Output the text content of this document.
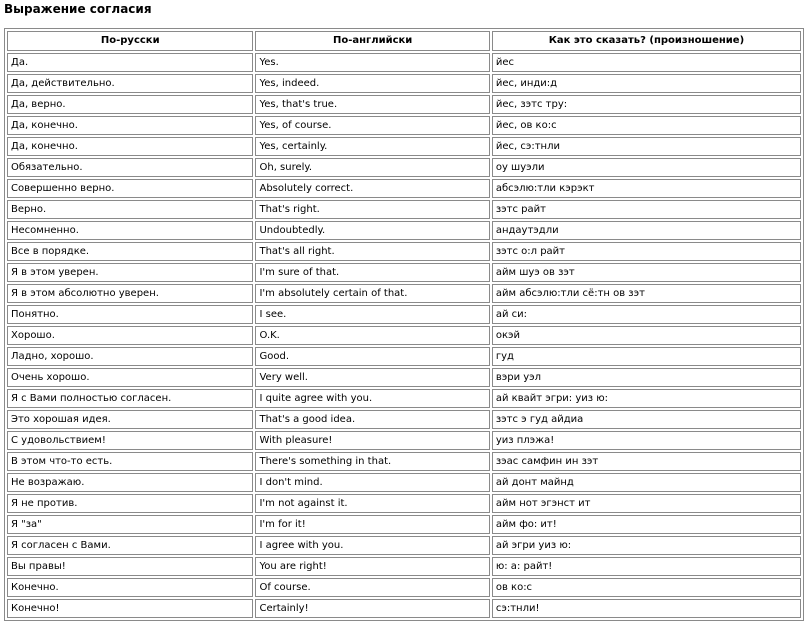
Выражение согласия
По-русски	По-английски	Как это сказать? (произношение)
Да.	Yes.	йес
Да, действительно.	Yes, indeed.	йес, инди:д
Да, верно.	Yes, that's true.	йес, зэтс тру:
Да, конечно.	Yes, of course.	йес, ов ко:с
Да, конечно.	Yes, certainly.	йес, сэ:тнли
Обязательно.	Oh, surely.	оу шуэли
Совершенно верно.	Absolutely correct.	абсэлю:тли кэрэкт
Верно.	That's right.	зэтс райт
Несомненно.	Undoubtedly.	андаутэдли
Все в порядке.	That's all right.	зэтс о:л райт
Я в этом уверен.	I'm sure of that.	айм шуэ ов зэт
Я в этом абсолютно уверен.	I'm absolutely certain of that.	айм абсэлю:тли сё:тн ов зэт
Понятно.	I see.	ай си:
Хорошо.	O.K.	окэй
Ладно, хорошо.	Good.	гуд
Очень хорошо.	Very well.	вэри уэл
Я с Вами полностью согласен.	I quite agree with you.	ай квайт эгри: уиз ю:
Это хорошая идея.	That's a good idea.	зэтс э гуд айдиа
С удовольствием!	With pleasure!	уиз плэжа!
В этом что-то есть.	There's something in that.	зэас самфин ин зэт
Не возражаю.	I don't mind.	ай донт майнд
Я не против.	I'm not against it.	айм нот эгэнст ит
Я "за"	I'm for it!	айм фо: ит!
Я согласен с Вами.	I agree with you.	ай эгри уиз ю:
Вы правы!	You are right!	ю: а: райт!
Конечно.	Of course.	ов ко:с
Конечно!	Certainly!	сэ:тнли!
